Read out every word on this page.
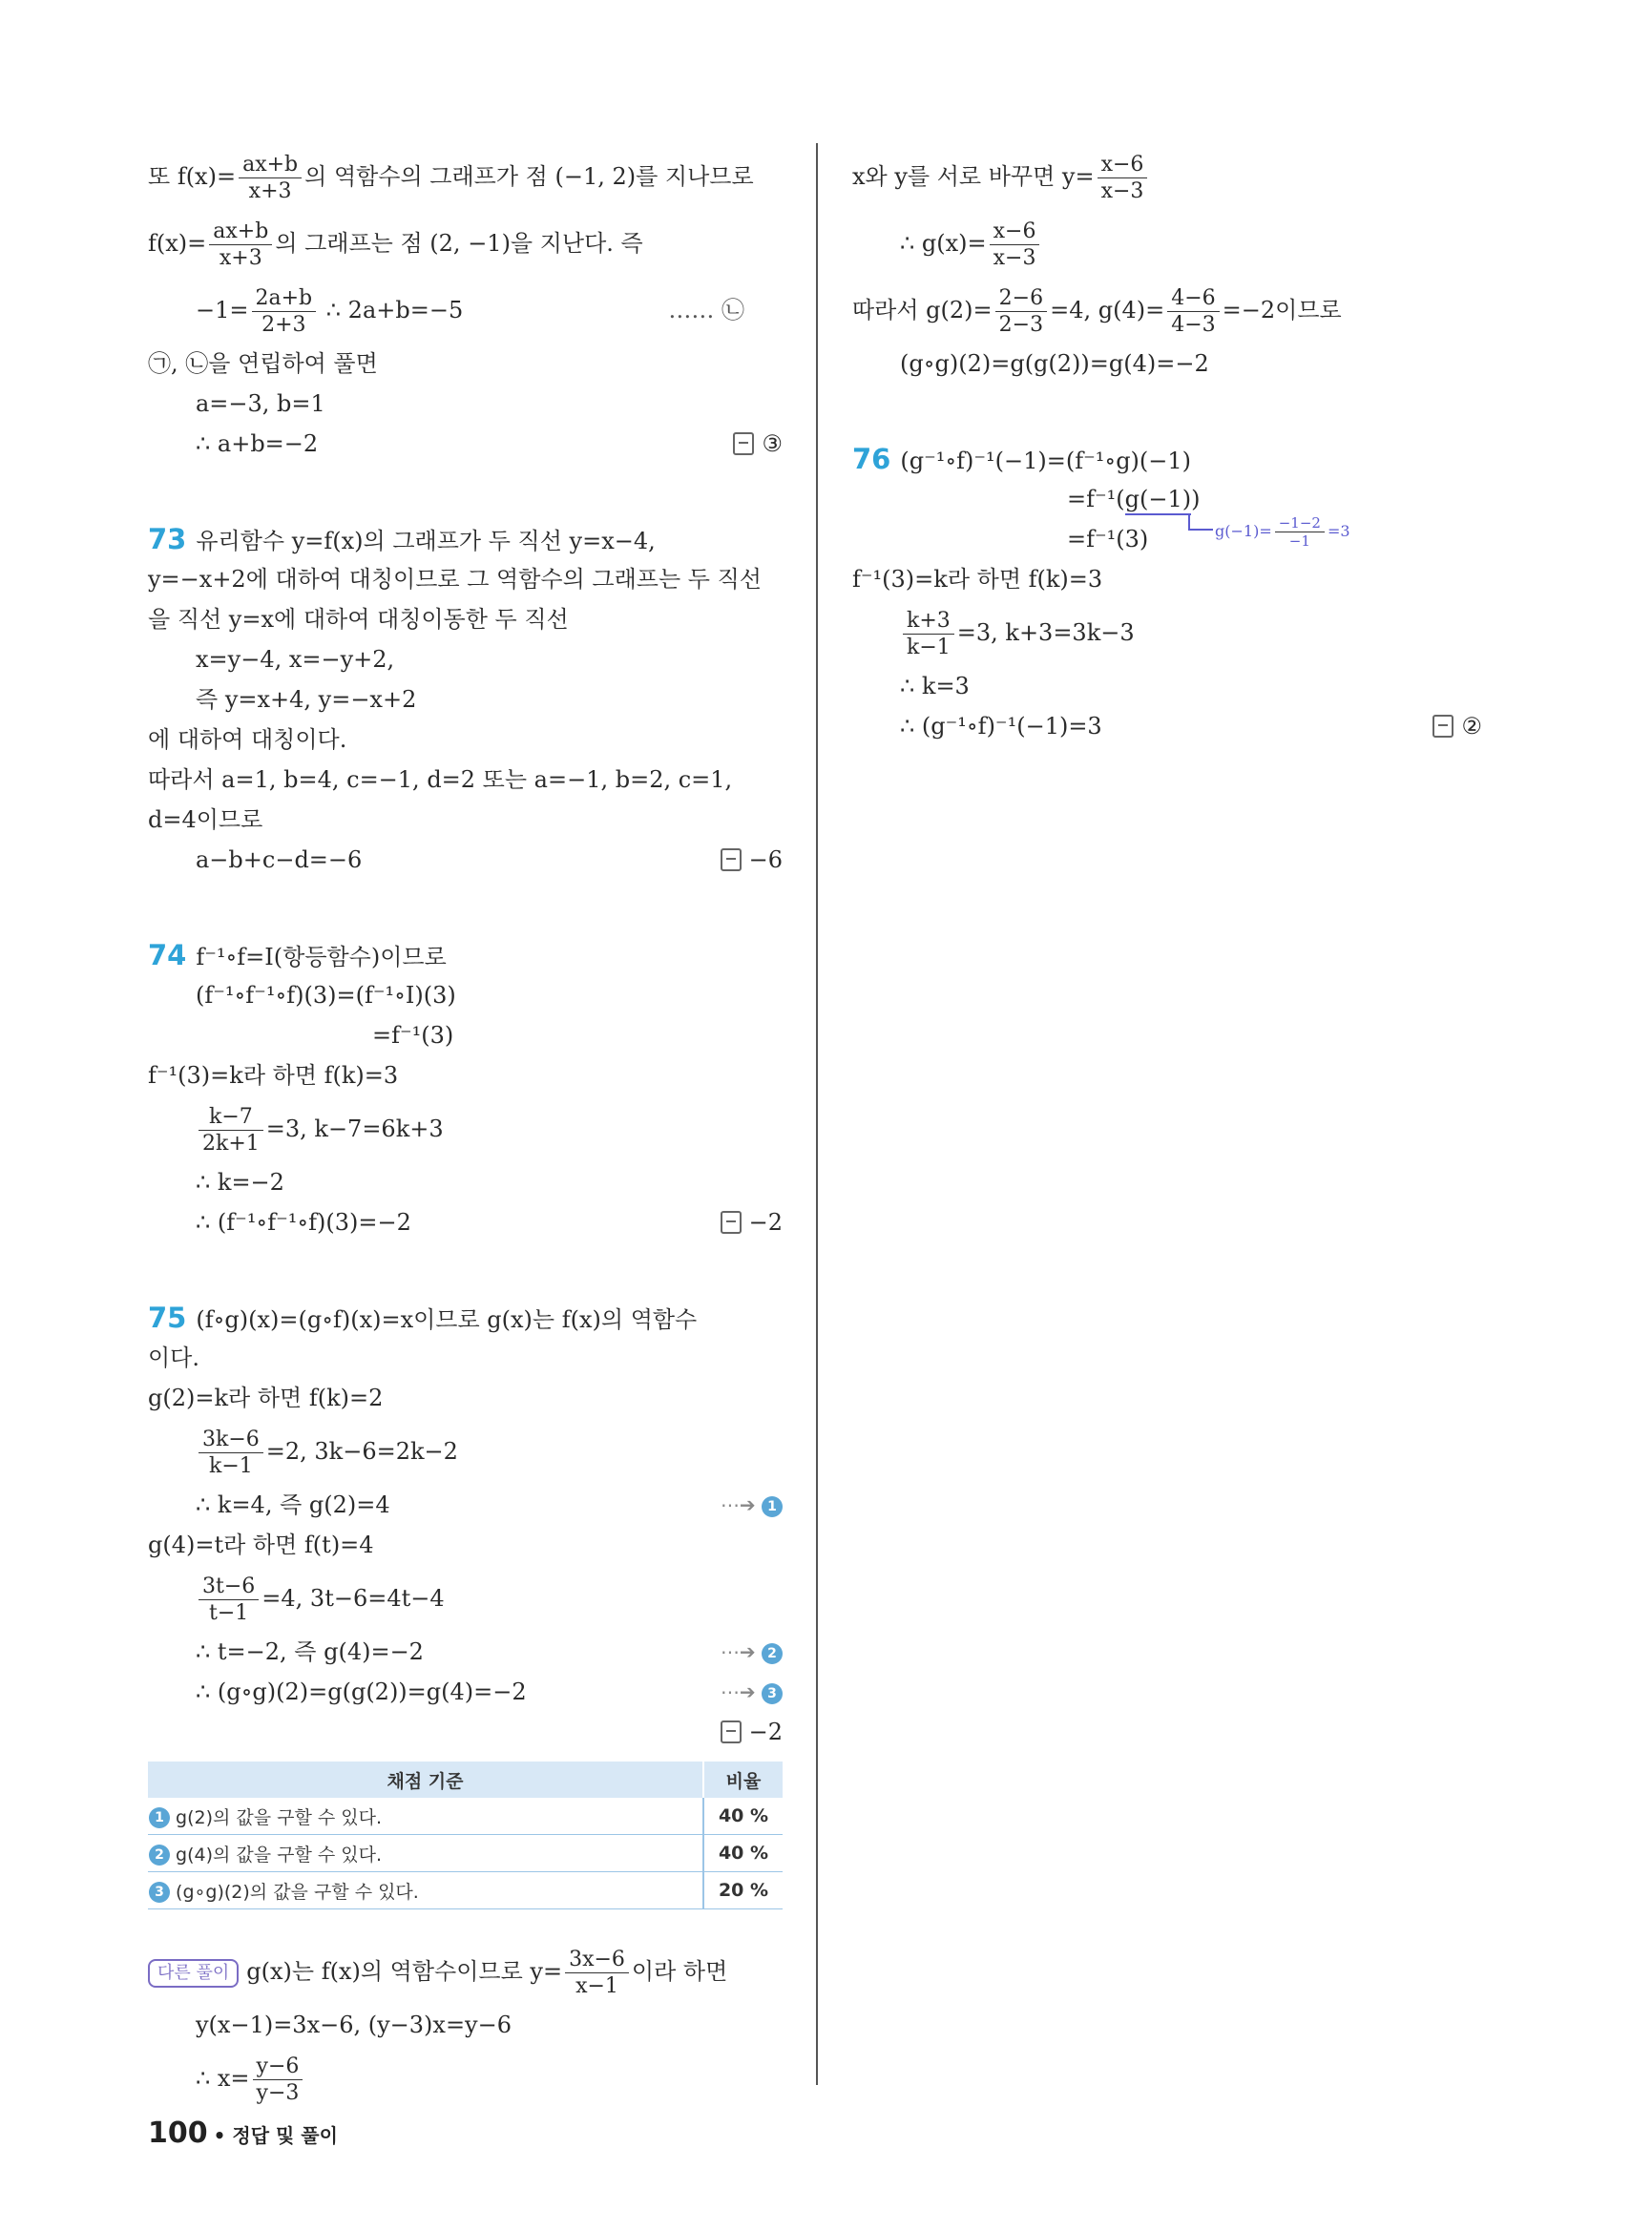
또 $f(x)= \frac{ax+b}{x+3}$ 의 역함수의 그래프가 점 (−1, 2)를 지나므로
$f(x)= \frac{ax+b}{x+3}$ 의 그래프는 점 (2, −1)을 지난다. 즉
$-1= \frac{2a+b}{2+3}$ ∴ 2a+b=−5	…… ㉡
㉠, ㉡을 연립하여 풀면
a=−3, b=1
∴ a+b=−2	③
73 유리함수 y=f(x)의 그래프가 두 직선 y=x−4,
y=−x+2에 대하여 대칭이므로 그 역함수의 그래프는 두 직선
을 직선 y=x에 대하여 대칭이동한 두 직선
x=y−4, x=−y+2,
즉 y=x+4, y=−x+2
에 대하여 대칭이다.
따라서 a=1, b=4, c=−1, d=2 또는 a=−1, b=2, c=1,
d=4이므로
a−b+c−d=−6	−6
74 f⁻¹∘f=I(항등함수)이므로
(f⁻¹∘f⁻¹∘f)(3)=(f⁻¹∘I)(3)
=f⁻¹(3)
f⁻¹(3)=k라 하면 f(k)=3
$\frac{k-7}{2k+1} =3$, k−7=6k+3
∴ k=−2
∴ (f⁻¹∘f⁻¹∘f)(3)=−2	−2
75 (f∘g)(x)=(g∘f)(x)=x이므로 g(x)는 f(x)의 역함수
이다.
g(2)=k라 하면 f(k)=2
$\frac{3k-6}{k-1} =2$, 3k−6=2k−2
∴ k=4, 즉 g(2)=4	⋯➔ 1
g(4)=t라 하면 f(t)=4
$\frac{3t-6}{t-1} =4$, 3t−6=4t−4
∴ t=−2, 즉 g(4)=−2	⋯➔ 2
∴ (g∘g)(2)=g(g(2))=g(4)=−2	⋯➔ 3
−2
채점 기준	비율
1 g(2)의 값을 구할 수 있다.	40 %
2 g(4)의 값을 구할 수 있다.	40 %
3 (g∘g)(2)의 값을 구할 수 있다.	20 %
다른 풀이 g(x)는 f(x)의 역함수이므로 $y= \frac{3x-6}{x-1}$ 이라 하면
y(x−1)=3x−6, (y−3)x=y−6
∴ $x= \frac{y-6}{y-3}$
x와 y를 서로 바꾸면 $y= \frac{x-6}{x-3}$
∴ $g(x)= \frac{x-6}{x-3}$
따라서 $g(2)= \frac{2-6}{2-3} =4$, $g(4)= \frac{4-6}{4-3} =-2$이므로
(g∘g)(2)=g(g(2))=g(4)=−2
76 (g⁻¹∘f)⁻¹(−1)=(f⁻¹∘g)(−1)
=f⁻¹(g(−1))
=f⁻¹(3)	$g(-1)= \frac{-1-2}{-1} =3$
f⁻¹(3)=k라 하면 f(k)=3
$\frac{k+3}{k-1} =3$, k+3=3k−3
∴ k=3
∴ (g⁻¹∘f)⁻¹(−1)=3	②
100 • 정답 및 풀이
